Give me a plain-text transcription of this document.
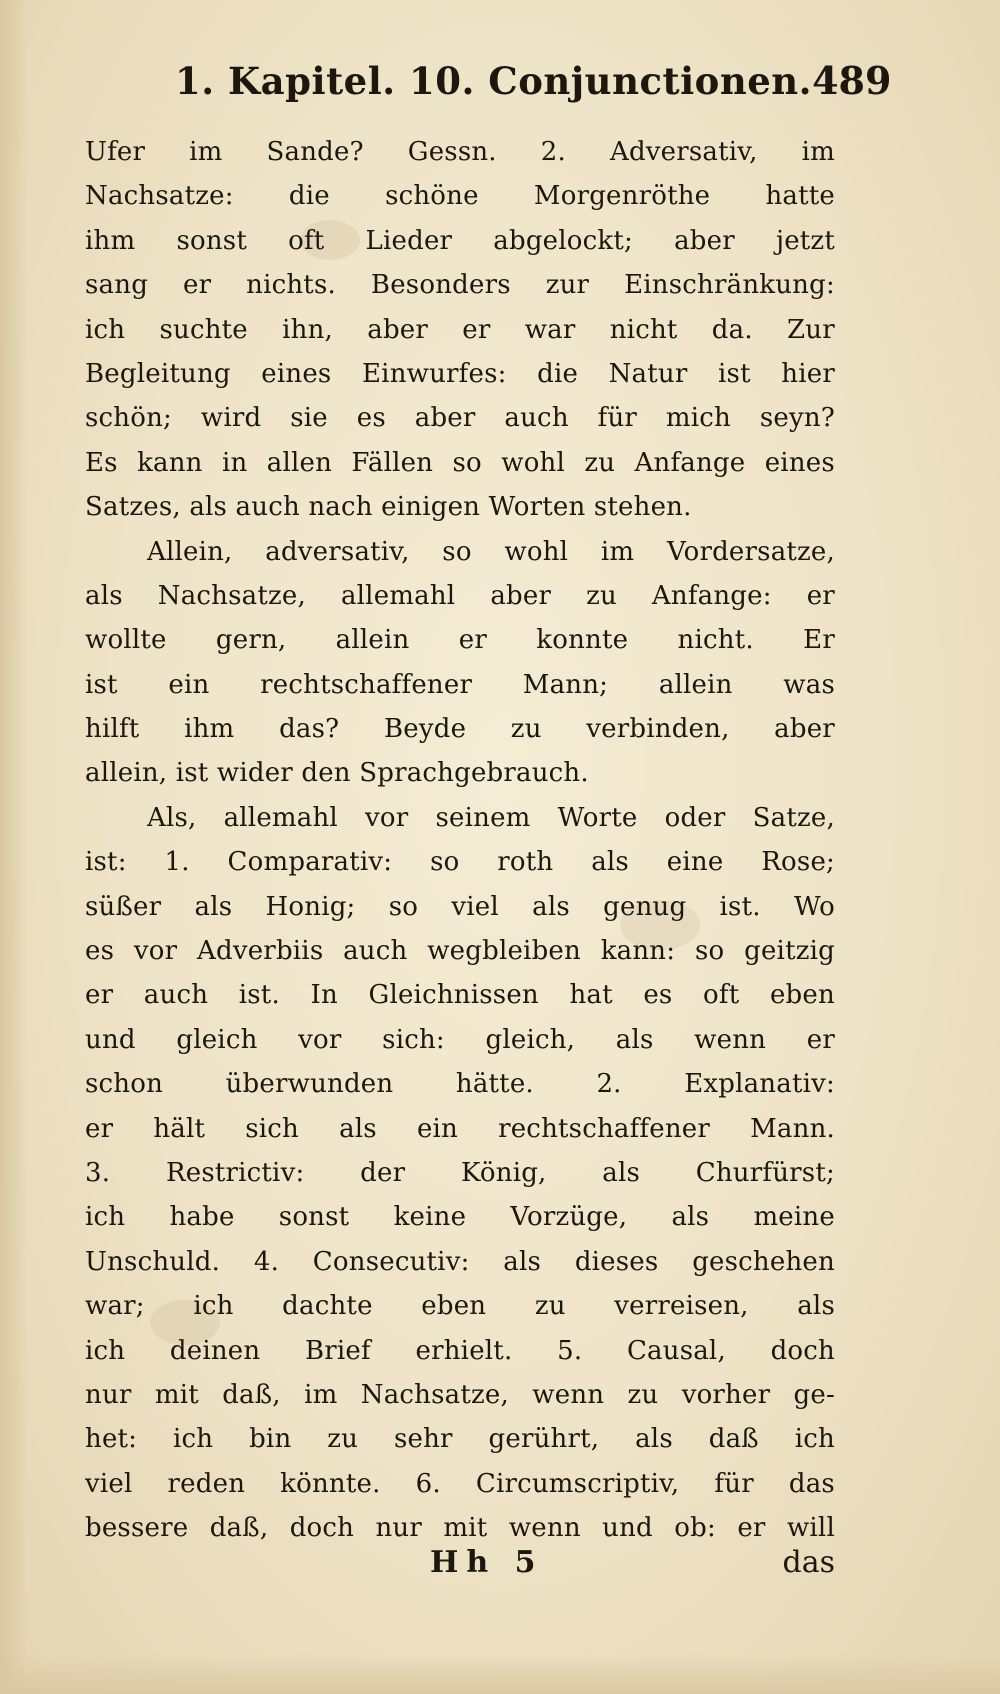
1. Kapitel. 10. Conjunctionen. 489
Ufer im Sande? Gessn. 2. Adversativ, im
Nachsatze: die schöne Morgenröthe hatte
ihm sonst oft Lieder abgelockt; aber jetzt
sang er nichts. Besonders zur Einschränkung:
ich suchte ihn, aber er war nicht da. Zur
Begleitung eines Einwurfes: die Natur ist hier
schön; wird sie es aber auch für mich seyn?
Es kann in allen Fällen so wohl zu Anfange eines
Satzes, als auch nach einigen Worten stehen.
Allein, adversativ, so wohl im Vordersatze,
als Nachsatze, allemahl aber zu Anfange: er
wollte gern, allein er konnte nicht. Er
ist ein rechtschaffener Mann; allein was
hilft ihm das? Beyde zu verbinden, aber
allein, ist wider den Sprachgebrauch.
Als, allemahl vor seinem Worte oder Satze,
ist: 1. Comparativ: so roth als eine Rose;
süßer als Honig; so viel als genug ist. Wo
es vor Adverbiis auch wegbleiben kann: so geitzig
er auch ist. In Gleichnissen hat es oft eben
und gleich vor sich: gleich, als wenn er
schon überwunden hätte. 2. Explanativ:
er hält sich als ein rechtschaffener Mann.
3. Restrictiv: der König, als Churfürst;
ich habe sonst keine Vorzüge, als meine
Unschuld. 4. Consecutiv: als dieses geschehen
war; ich dachte eben zu verreisen, als
ich deinen Brief erhielt. 5. Causal, doch
nur mit daß, im Nachsatze, wenn zu vorher ge-
het: ich bin zu sehr gerührt, als daß ich
viel reden könnte. 6. Circumscriptiv, für das
bessere daß, doch nur mit wenn und ob: er will
Hh 5	das
